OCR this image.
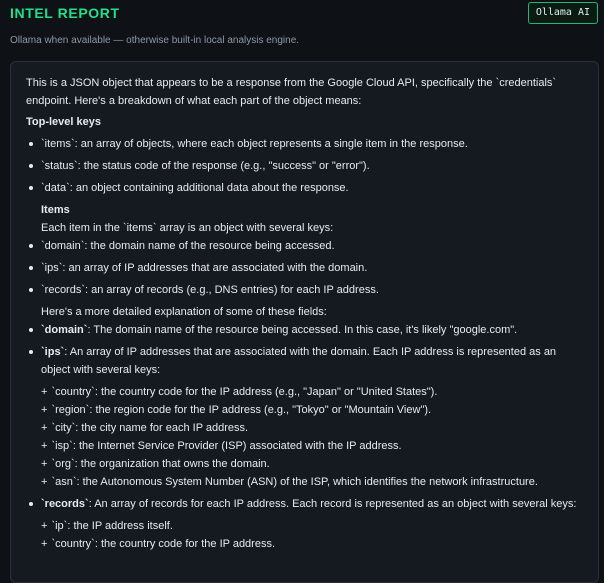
INTEL REPORT	Ollama AI
Ollama when available — otherwise built-in local analysis engine.

This is a JSON object that appears to be a response from the Google Cloud API, specifically the `credentials` endpoint. Here's a breakdown of what each part of the object means:

Top-level keys

`items`: an array of objects, where each object represents a single item in the response.
`status`: the status code of the response (e.g., "success" or "error").
`data`: an object containing additional data about the response.

Items

Each item in the `items` array is an object with several keys:

`domain`: the domain name of the resource being accessed.
`ips`: an array of IP addresses that are associated with the domain.
`records`: an array of records (e.g., DNS entries) for each IP address.

Here's a more detailed explanation of some of these fields:

`domain`: The domain name of the resource being accessed. In this case, it's likely "google.com".
`ips`: An array of IP addresses that are associated with the domain. Each IP address is represented as an object with several keys:
+ `country`: the country code for the IP address (e.g., "Japan" or "United States").
+ `region`: the region code for the IP address (e.g., "Tokyo" or "Mountain View").
+ `city`: the city name for each IP address.
+ `isp`: the Internet Service Provider (ISP) associated with the IP address.
+ `org`: the organization that owns the domain.
+ `asn`: the Autonomous System Number (ASN) of the ISP, which identifies the network infrastructure.
`records`: An array of records for each IP address. Each record is represented as an object with several keys:
+ `ip`: the IP address itself.
+ `country`: the country code for the IP address.
